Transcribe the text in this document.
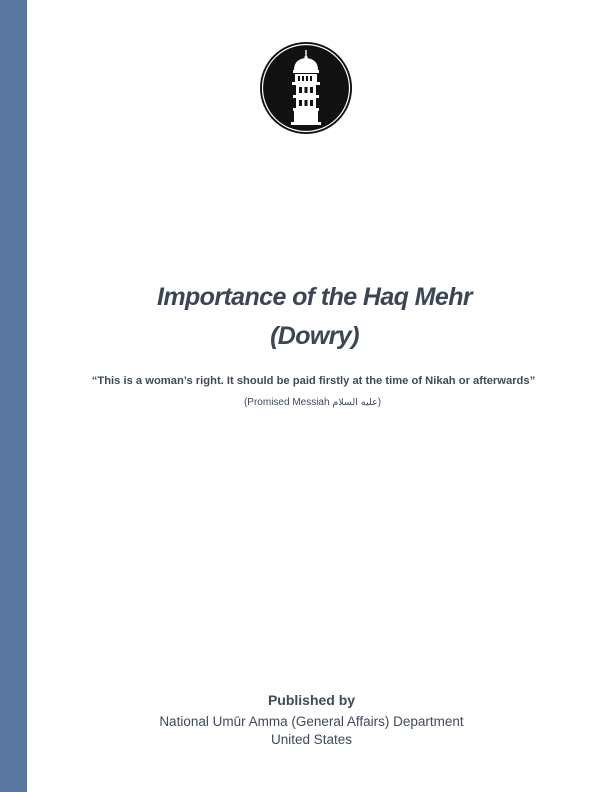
Importance of the Haq Mehr
(Dowry)
“This is a woman’s right. It should be paid firstly at the time of Nikah or afterwards”
(Promised Messiah عليه السلام)
Published by
National Umūr Amma (General Affairs) Department
United States
